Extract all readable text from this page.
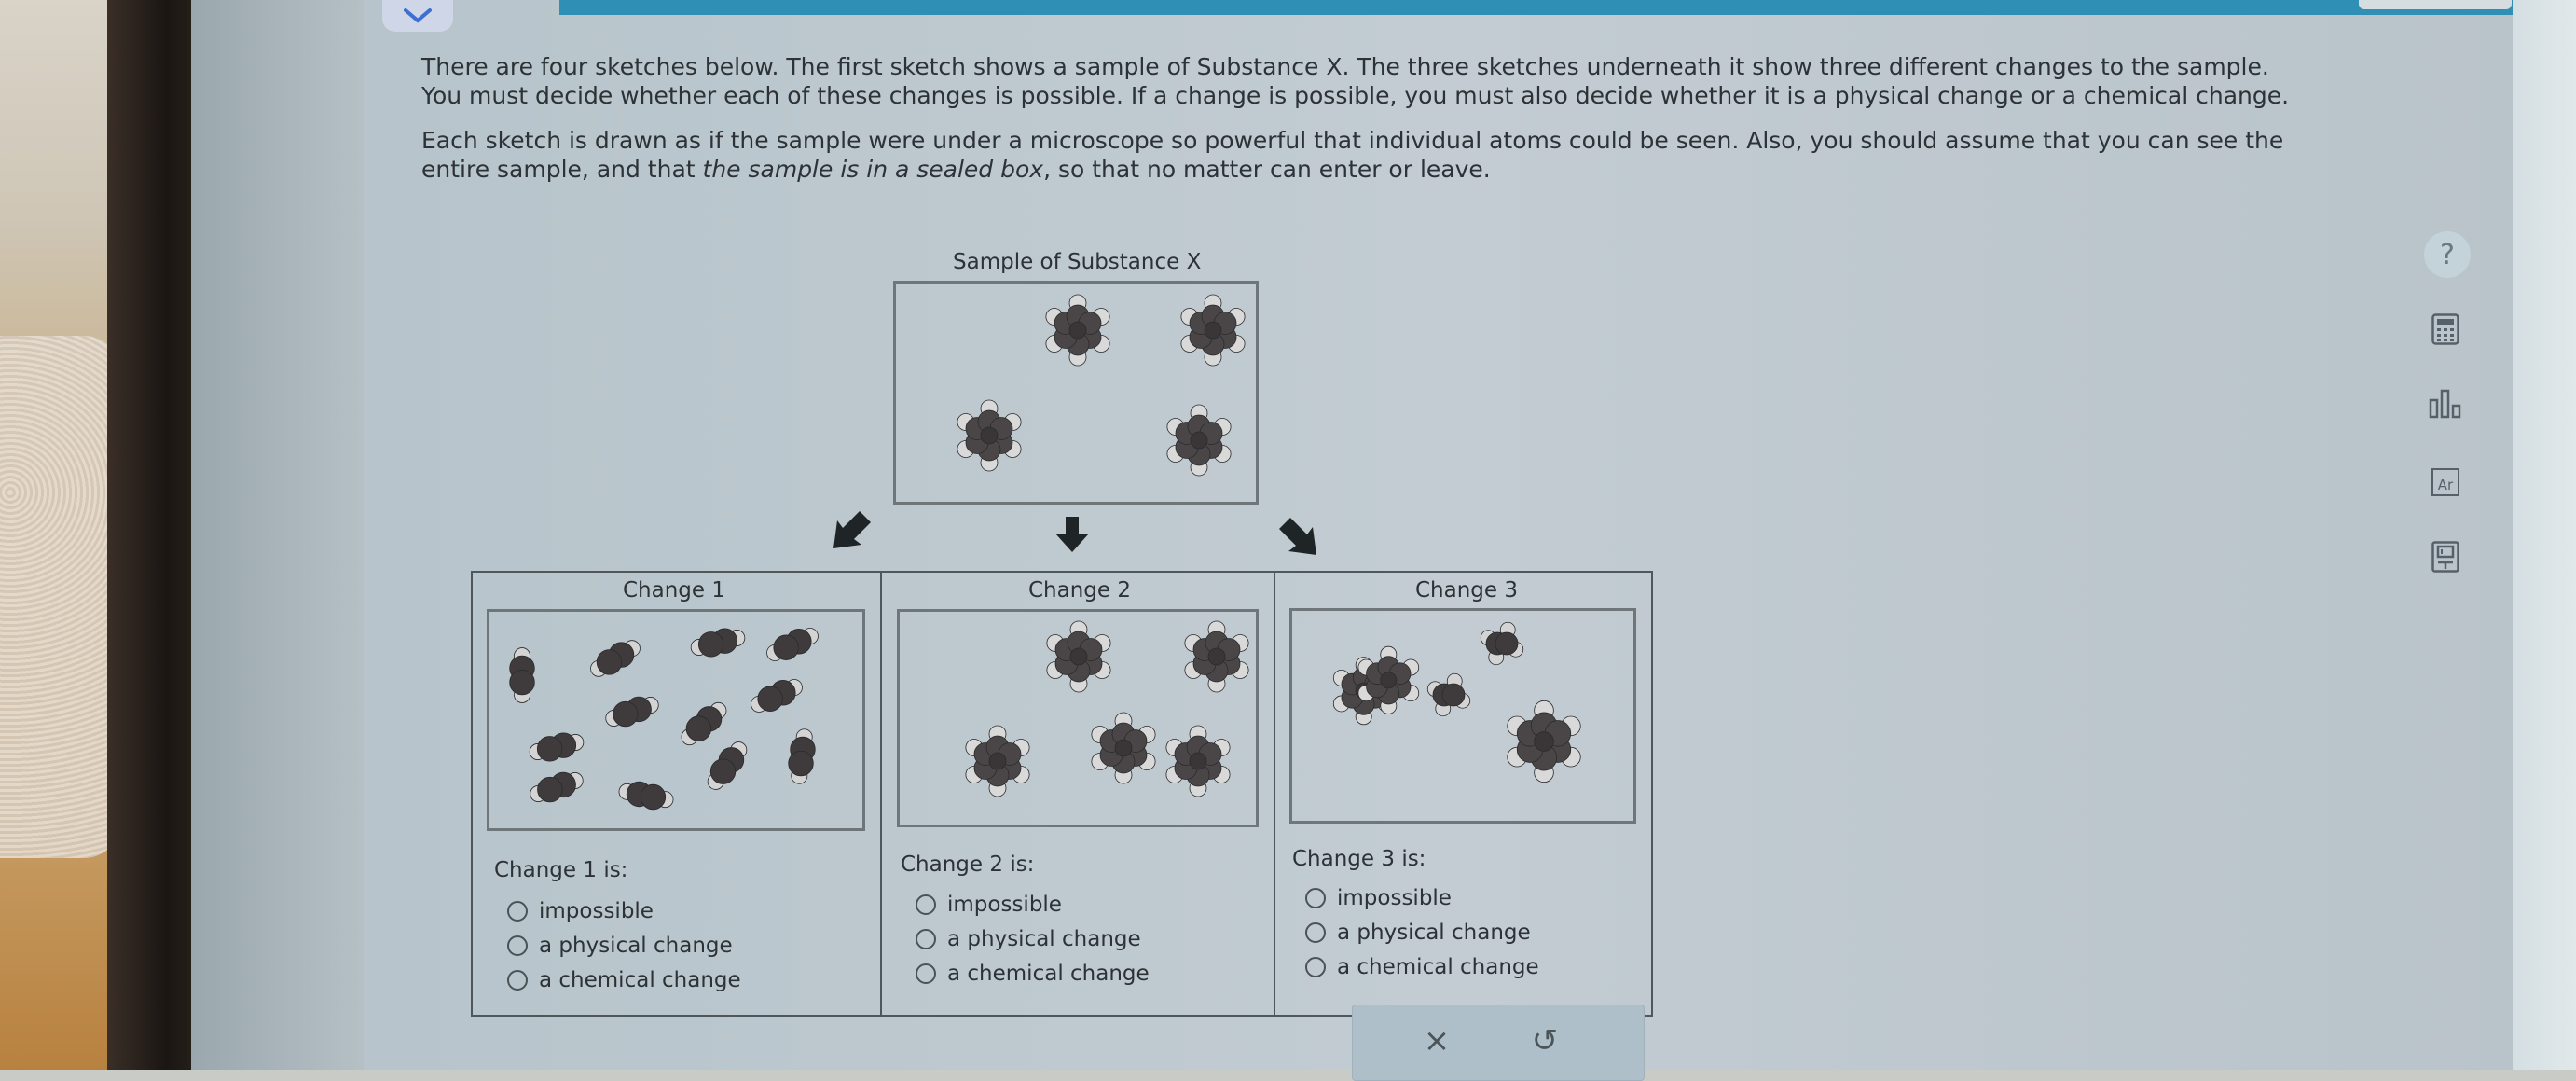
There are four sketches below. The first sketch shows a sample of Substance X. The three sketches underneath it show three different changes to the sample.
You must decide whether each of these changes is possible. If a change is possible, you must also decide whether it is a physical change or a chemical change.
Each sketch is drawn as if the sample were under a microscope so powerful that individual atoms could be seen. Also, you should assume that you can see the
entire sample, and that the sample is in a sealed box, so that no matter can enter or leave.
Sample of Substance X
Change 1	Change 2	Change 3
Change 1 is:
impossible
a physical change
a chemical change
Change 2 is:
impossible
a physical change
a chemical change
Change 3 is:
impossible
a physical change
a chemical change
×	↺
?
Ar
